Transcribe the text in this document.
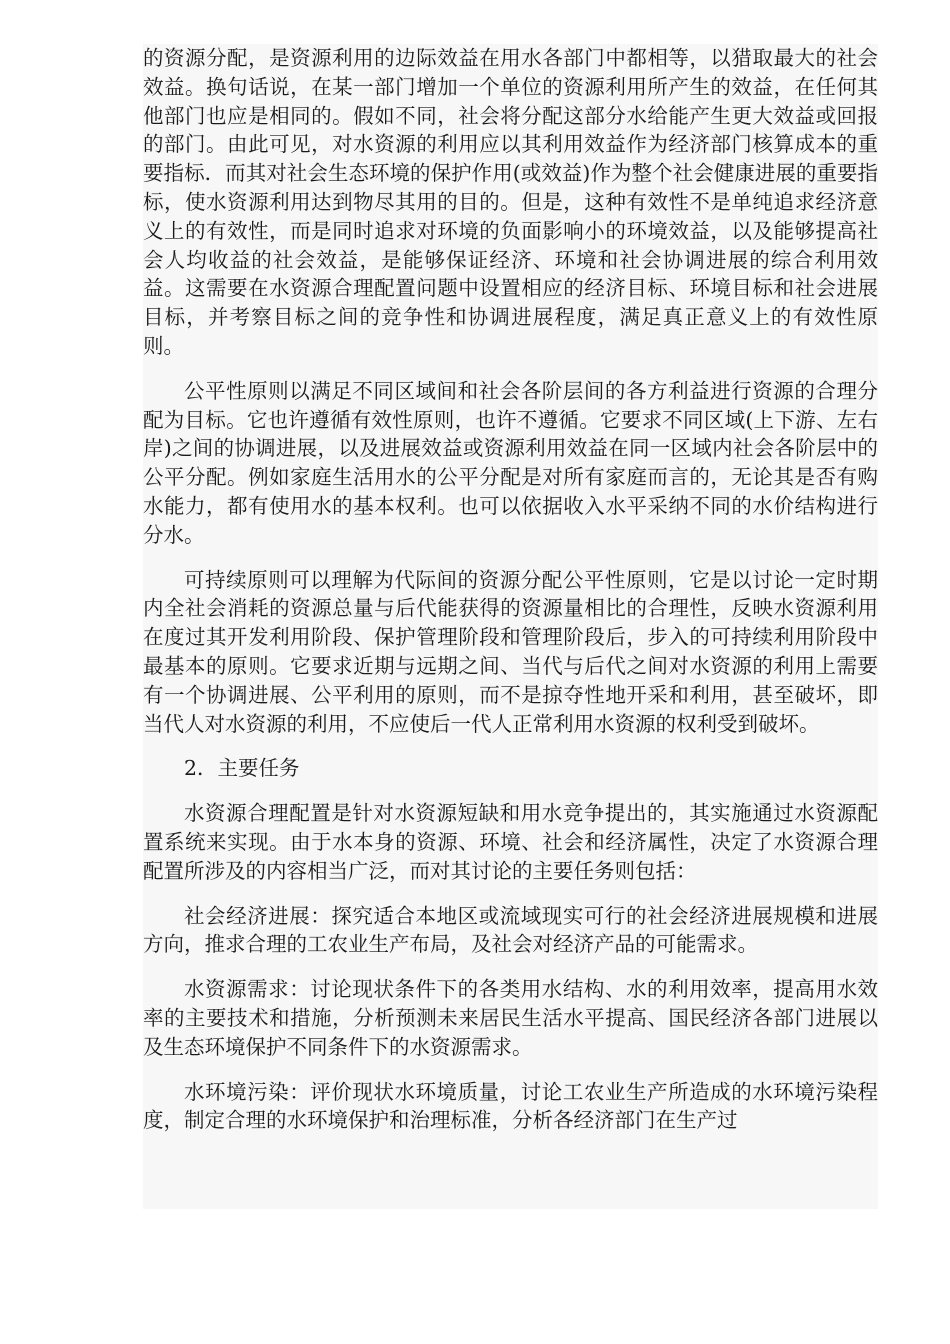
的资源分配，是资源利用的边际效益在用水各部门中都相等，以猎取最大的社会效益。换句话说，在某一部门增加一个单位的资源利用所产生的效益，在任何其他部门也应是相同的。假如不同，社会将分配这部分水给能产生更大效益或回报的部门。由此可见，对水资源的利用应以其利用效益作为经济部门核算成本的重要指标．而其对社会生态环境的保护作用(或效益)作为整个社会健康进展的重要指标，使水资源利用达到物尽其用的目的。但是，这种有效性不是单纯追求经济意义上的有效性，而是同时追求对环境的负面影响小的环境效益，以及能够提高社会人均收益的社会效益，是能够保证经济、环境和社会协调进展的综合利用效益。这需要在水资源合理配置问题中设置相应的经济目标、环境目标和社会进展目标，并考察目标之间的竞争性和协调进展程度，满足真正意义上的有效性原则。

公平性原则以满足不同区域间和社会各阶层间的各方利益进行资源的合理分配为目标。它也许遵循有效性原则，也许不遵循。它要求不同区域(上下游、左右岸)之间的协调进展，以及进展效益或资源利用效益在同一区域内社会各阶层中的公平分配。例如家庭生活用水的公平分配是对所有家庭而言的，无论其是否有购水能力，都有使用水的基本权利。也可以依据收入水平采纳不同的水价结构进行分水。

可持续原则可以理解为代际间的资源分配公平性原则，它是以讨论一定时期内全社会消耗的资源总量与后代能获得的资源量相比的合理性，反映水资源利用在度过其开发利用阶段、保护管理阶段和管理阶段后，步入的可持续利用阶段中最基本的原则。它要求近期与远期之间、当代与后代之间对水资源的利用上需要有一个协调进展、公平利用的原则，而不是掠夺性地开采和利用，甚至破坏，即当代人对水资源的利用，不应使后一代人正常利用水资源的权利受到破坏。

2．主要任务

水资源合理配置是针对水资源短缺和用水竞争提出的，其实施通过水资源配置系统来实现。由于水本身的资源、环境、社会和经济属性，决定了水资源合理配置所涉及的内容相当广泛，而对其讨论的主要任务则包括：

社会经济进展：探究适合本地区或流域现实可行的社会经济进展规模和进展方向，推求合理的工农业生产布局，及社会对经济产品的可能需求。

水资源需求：讨论现状条件下的各类用水结构、水的利用效率，提高用水效率的主要技术和措施，分析预测未来居民生活水平提高、国民经济各部门进展以及生态环境保护不同条件下的水资源需求。

水环境污染：评价现状水环境质量，讨论工农业生产所造成的水环境污染程度，制定合理的水环境保护和治理标准，分析各经济部门在生产过
